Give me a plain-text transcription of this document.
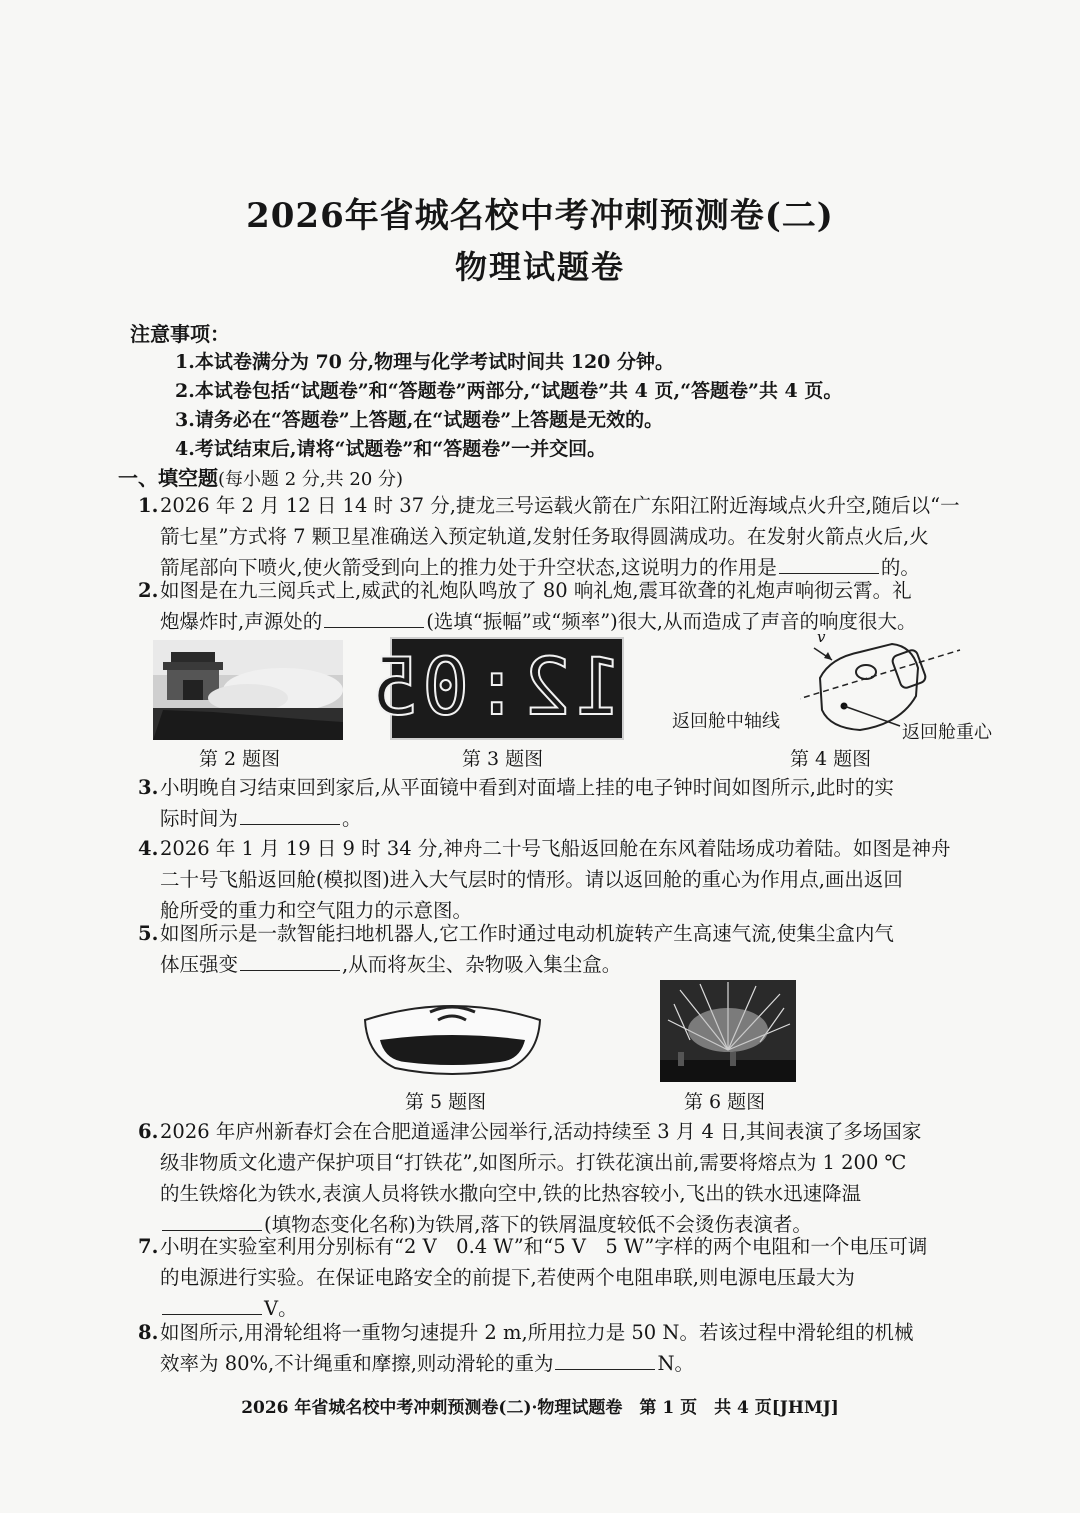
2026年省城名校中考冲刺预测卷(二)
物理试题卷
注意事项：
1.本试卷满分为 70 分,物理与化学考试时间共 120 分钟。
2.本试卷包括“试题卷”和“答题卷”两部分,“试题卷”共 4 页,“答题卷”共 4 页。
3.请务必在“答题卷”上答题,在“试题卷”上答题是无效的。
4.考试结束后,请将“试题卷”和“答题卷”一并交回。
一、填空题(每小题 2 分,共 20 分)
1.2026 年 2 月 12 日 14 时 37 分,捷龙三号运载火箭在广东阳江附近海域点火升空,随后以“一
箭七星”方式将 7 颗卫星准确送入预定轨道,发射任务取得圆满成功。在发射火箭点火后,火
箭尾部向下喷火,使火箭受到向上的推力处于升空状态,这说明力的作用是	的。
2.如图是在九三阅兵式上,威武的礼炮队鸣放了 80 响礼炮,震耳欲聋的礼炮声响彻云霄。礼
炮爆炸时,声源处的	(选填“振幅”或“频率”)很大,从而造成了声音的响度很大。
第 2 题图
12:05
第 3 题图
v
返回舱中轴线
返回舱重心
第 4 题图
3.小明晚自习结束回到家后,从平面镜中看到对面墙上挂的电子钟时间如图所示,此时的实
际时间为	。
4.2026 年 1 月 19 日 9 时 34 分,神舟二十号飞船返回舱在东风着陆场成功着陆。如图是神舟
二十号飞船返回舱(模拟图)进入大气层时的情形。请以返回舱的重心为作用点,画出返回
舱所受的重力和空气阻力的示意图。
5.如图所示是一款智能扫地机器人,它工作时通过电动机旋转产生高速气流,使集尘盒内气
体压强变	,从而将灰尘、杂物吸入集尘盒。
第 5 题图	第 6 题图
6.2026 年庐州新春灯会在合肥道遥津公园举行,活动持续至 3 月 4 日,其间表演了多场国家
级非物质文化遗产保护项目“打铁花”,如图所示。打铁花演出前,需要将熔点为 1 200 ℃
的生铁熔化为铁水,表演人员将铁水撒向空中,铁的比热容较小,飞出的铁水迅速降温
(填物态变化名称)为铁屑,落下的铁屑温度较低不会烫伤表演者。
7.小明在实验室利用分别标有“2 V　0.4 W”和“5 V　5 W”字样的两个电阻和一个电压可调
的电源进行实验。在保证电路安全的前提下,若使两个电阻串联,则电源电压最大为
V。
8.如图所示,用滑轮组将一重物匀速提升 2 m,所用拉力是 50 N。若该过程中滑轮组的机械
效率为 80%,不计绳重和摩擦,则动滑轮的重为	N。
2026 年省城名校中考冲刺预测卷(二)·物理试题卷　第 1 页　共 4 页[JHMJ]
